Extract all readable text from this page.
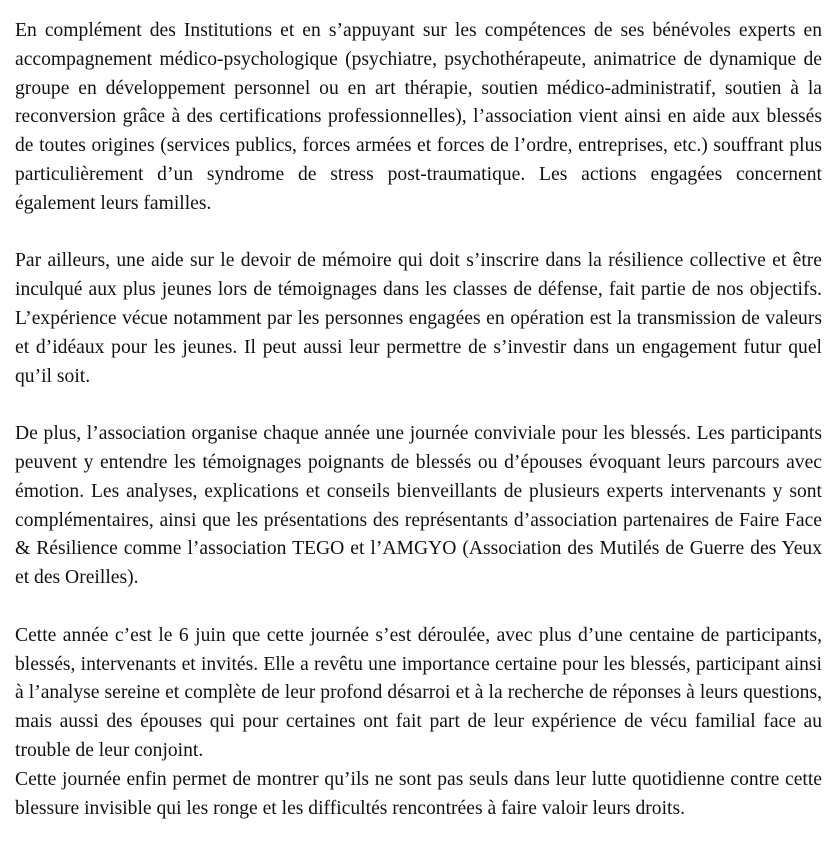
En complément des Institutions et en s’appuyant sur les compétences de ses bénévoles experts en accompagnement médico-psychologique (psychiatre, psychothérapeute, animatrice de dynamique de groupe en développement personnel ou en art thérapie, soutien médico-administratif, soutien à la reconversion grâce à des certifications professionnelles), l’association vient ainsi en aide aux blessés de toutes origines (services publics, forces armées et forces de l’ordre, entreprises, etc.) souffrant plus particulièrement d’un syndrome de stress post-traumatique. Les actions engagées concernent également leurs familles.

Par ailleurs, une aide sur le devoir de mémoire qui doit s’inscrire dans la résilience collective et être inculqué aux plus jeunes lors de témoignages dans les classes de défense, fait partie de nos objectifs. L’expérience vécue notamment par les personnes engagées en opération est la transmission de valeurs et d’idéaux pour les jeunes. Il peut aussi leur permettre de s’investir dans un engagement futur quel qu’il soit.

De plus, l’association organise chaque année une journée conviviale pour les blessés. Les participants peuvent y entendre les témoignages poignants de blessés ou d’épouses évoquant leurs parcours avec émotion. Les analyses, explications et conseils bienveillants de plusieurs experts intervenants y sont complémentaires, ainsi que les présentations des représentants d’association partenaires de Faire Face & Résilience comme l’association TEGO et l’AMGYO (Association des Mutilés de Guerre des Yeux et des Oreilles).

Cette année c’est le 6 juin que cette journée s’est déroulée, avec plus d’une centaine de participants, blessés, intervenants et invités. Elle a revêtu une importance certaine pour les blessés, participant ainsi à l’analyse sereine et complète de leur profond désarroi et à la recherche de réponses à leurs questions, mais aussi des épouses qui pour certaines ont fait part de leur expérience de vécu familial face au trouble de leur conjoint.

Cette journée enfin permet de montrer qu’ils ne sont pas seuls dans leur lutte quotidienne contre cette blessure invisible qui les ronge et les difficultés rencontrées à faire valoir leurs droits.
